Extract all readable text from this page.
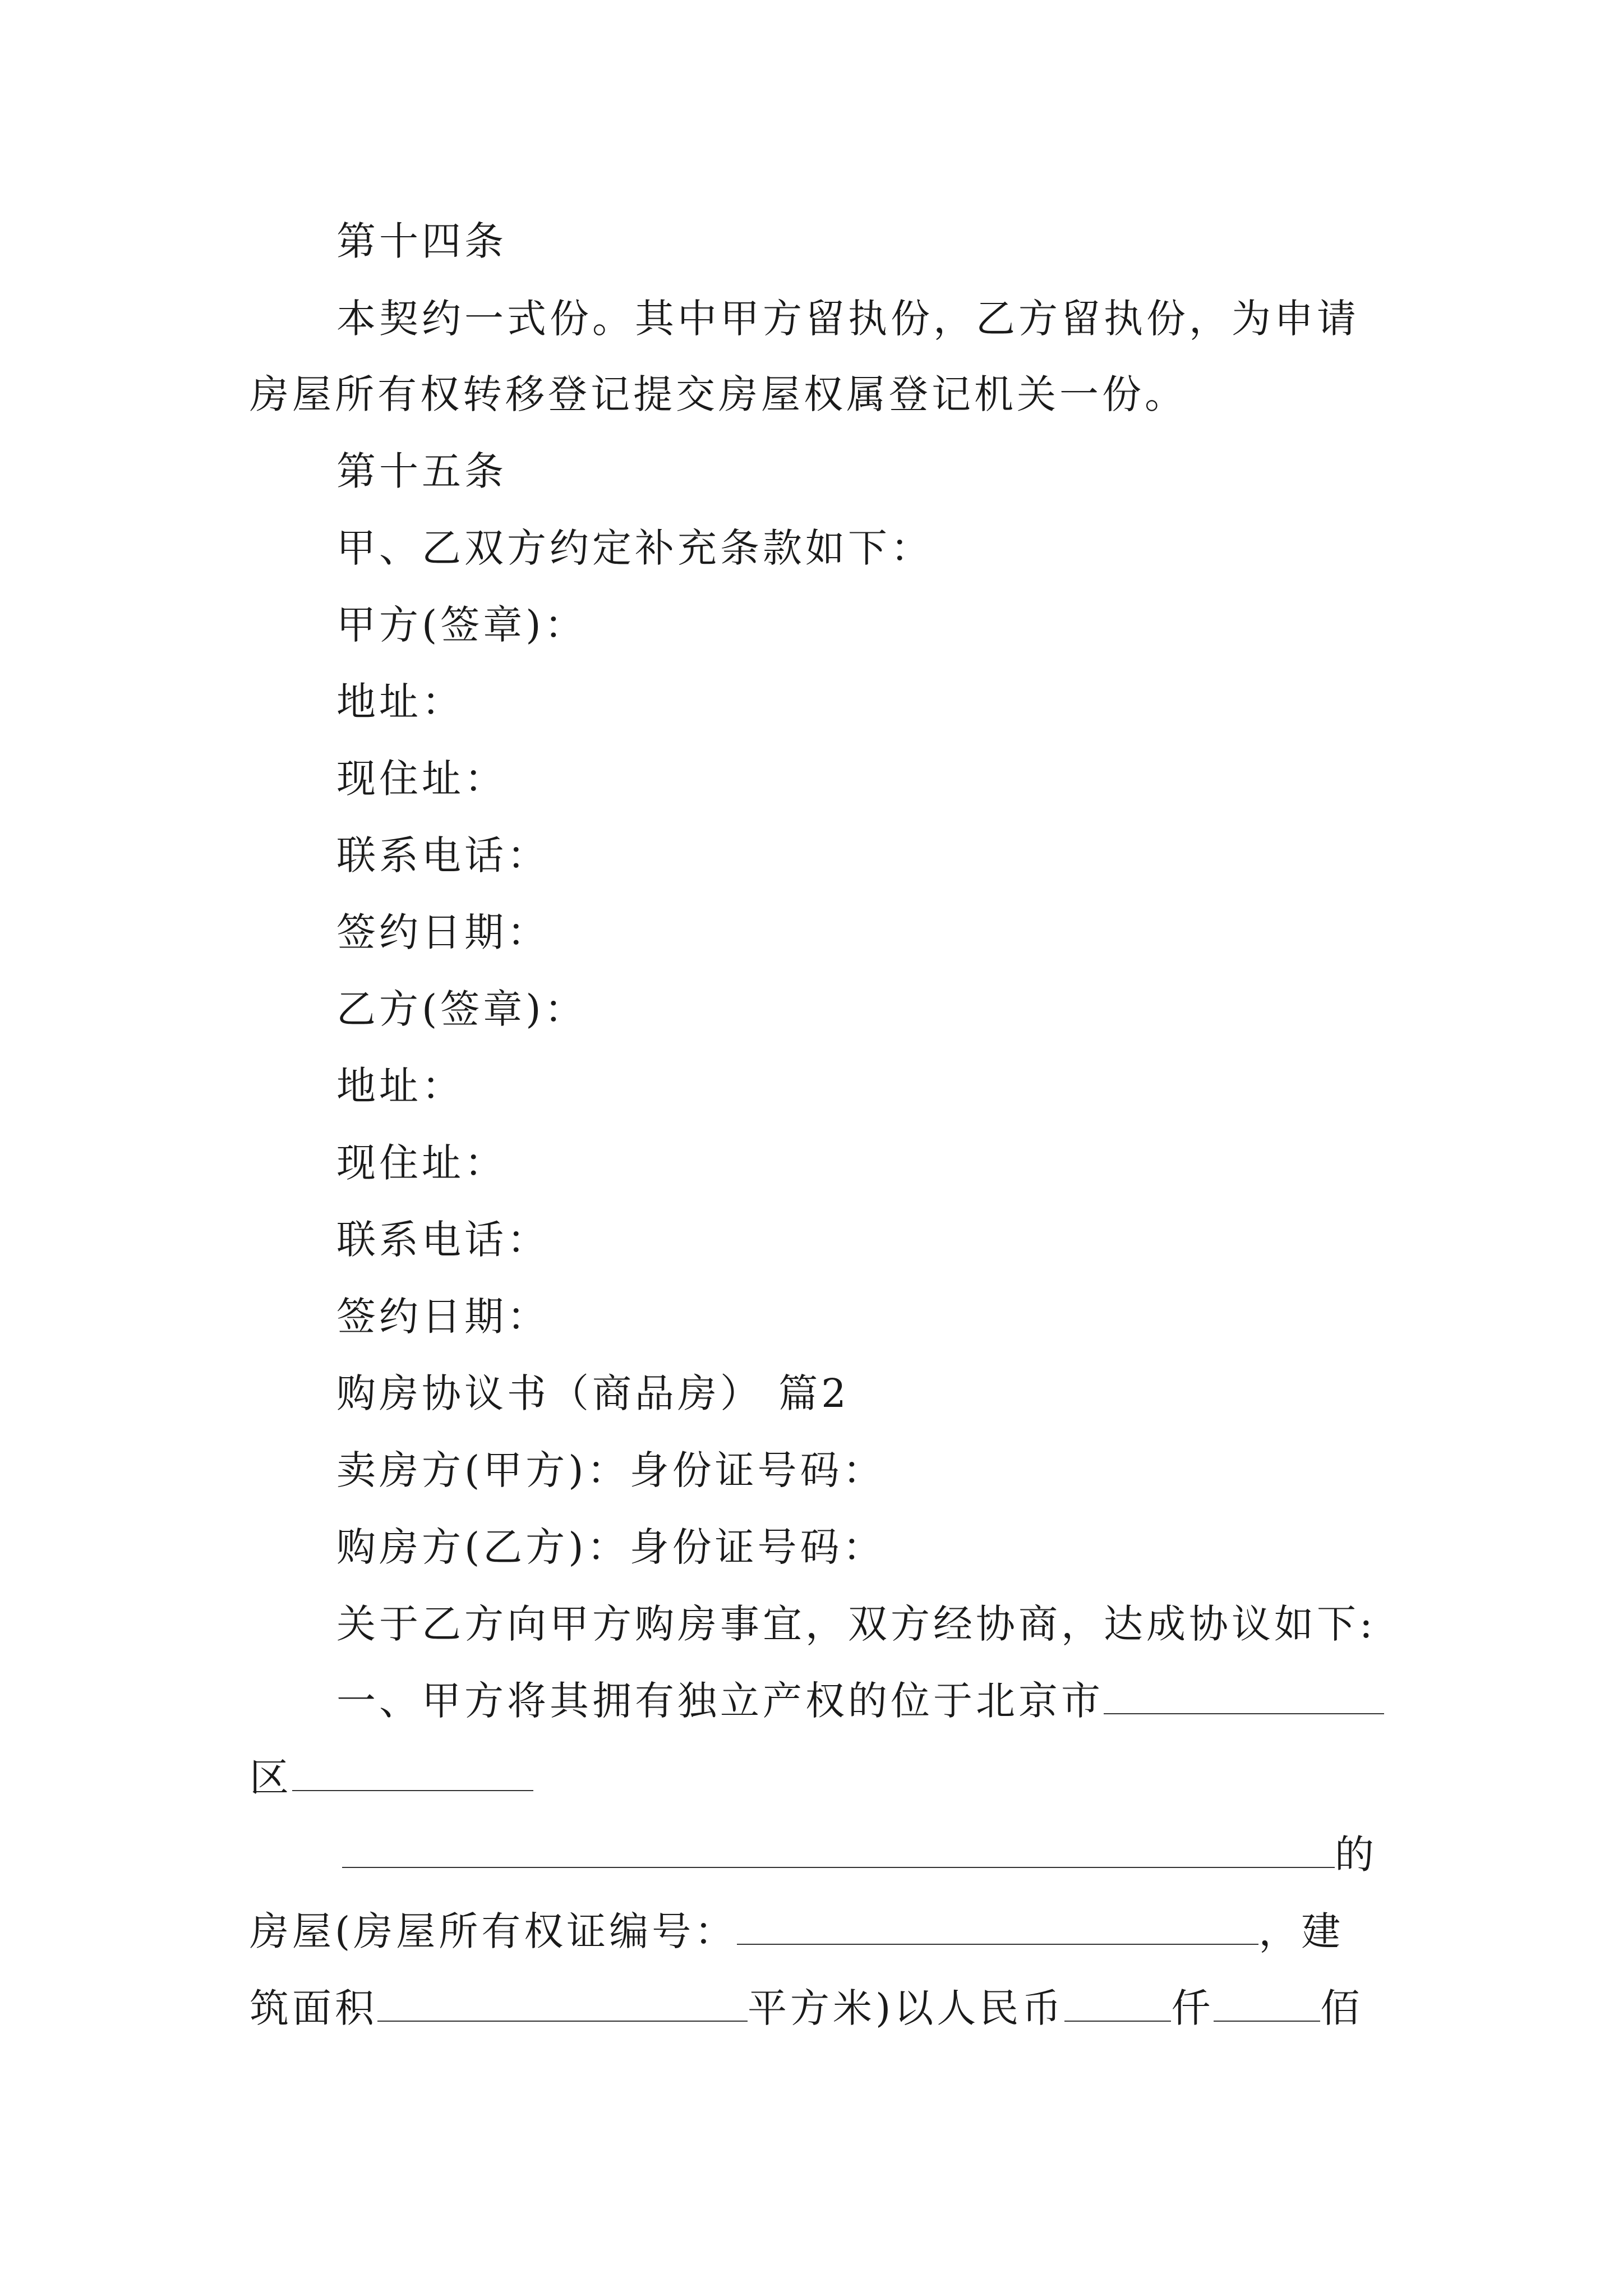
第十四条
本契约一式份。其中甲方留执份，乙方留执份，为申请
房屋所有权转移登记提交房屋权属登记机关一份。
第十五条
甲、乙双方约定补充条款如下：
甲方(签章)：
地址：
现住址：
联系电话：
签约日期：
乙方(签章)：
地址：
现住址：
联系电话：
签约日期：
购房协议书（商品房） 篇2
卖房方(甲方)：身份证号码：
购房方(乙方)：身份证号码：
关于乙方向甲方购房事宜，双方经协商，达成协议如下:
一、甲方将其拥有独立产权的位于北京市
区
的
房屋(房屋所有权证编号：	，建
筑面积	平方米)以人民币	仟	佰
